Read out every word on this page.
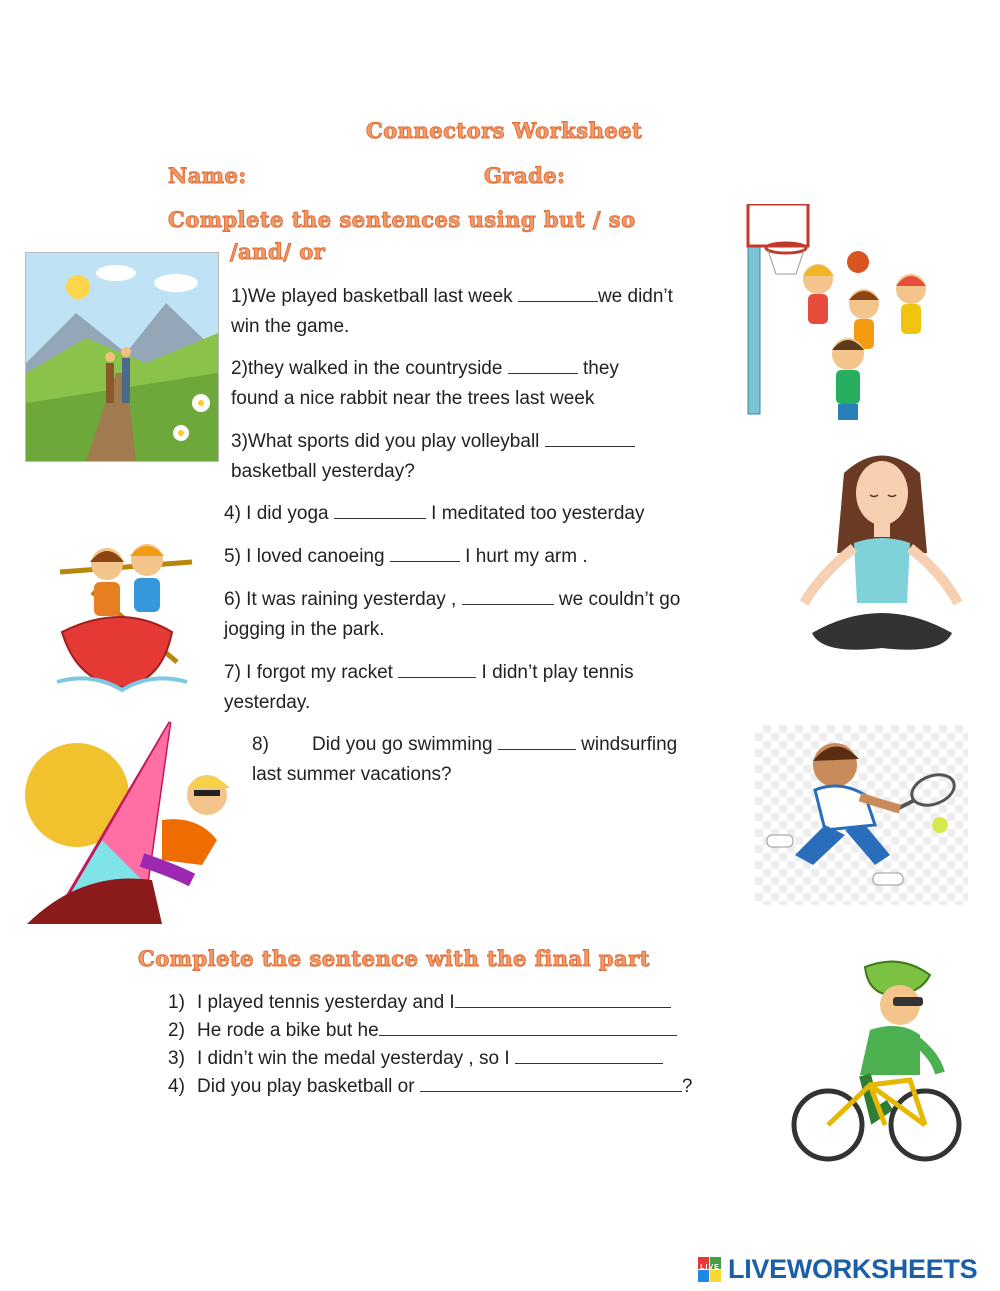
Connectors Worksheet
Name:	Grade:
Complete the sentences using but / so
/and/ or
1)We played basketball last week	we didn’t
win the game.
2)they walked in the countryside	they
found a nice rabbit near the trees last week
3)What sports did you play volleyball
basketball yesterday?
4) I did yoga	I meditated too yesterday
5) I loved canoeing	I hurt my arm .
6) It was raining yesterday ,	we couldn’t go
jogging in the park.
7) I forgot my racket	I didn’t play tennis
yesterday.
8) Did you go swimming	windsurfing
last summer vacations?
Complete the sentence with the final part
1) I played tennis yesterday and I
2) He rode a bike but he
3) I didn’t win the medal yesterday , so I
4) Did you play basketball or	?
LIVE LIVEWORKSHEETS
